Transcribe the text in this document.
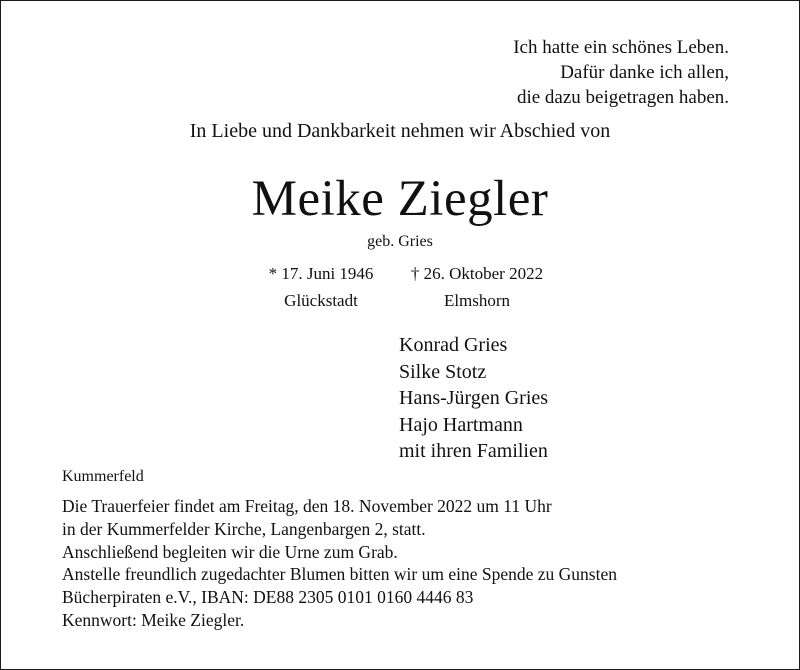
Ich hatte ein schönes Leben.
Dafür danke ich allen,
die dazu beigetragen haben.
In Liebe und Dankbarkeit nehmen wir Abschied von
Meike Ziegler
geb. Gries
* 17. Juni 1946
Glückstadt
† 26. Oktober 2022
Elmshorn
Konrad Gries
Silke Stotz
Hans-Jürgen Gries
Hajo Hartmann
mit ihren Familien
Kummerfeld
Die Trauerfeier findet am Freitag, den 18. November 2022 um 11 Uhr
in der Kummerfelder Kirche, Langenbargen 2, statt.
Anschließend begleiten wir die Urne zum Grab.
Anstelle freundlich zugedachter Blumen bitten wir um eine Spende zu Gunsten
Bücherpiraten e.V., IBAN: DE88 2305 0101 0160 4446 83
Kennwort: Meike Ziegler.
